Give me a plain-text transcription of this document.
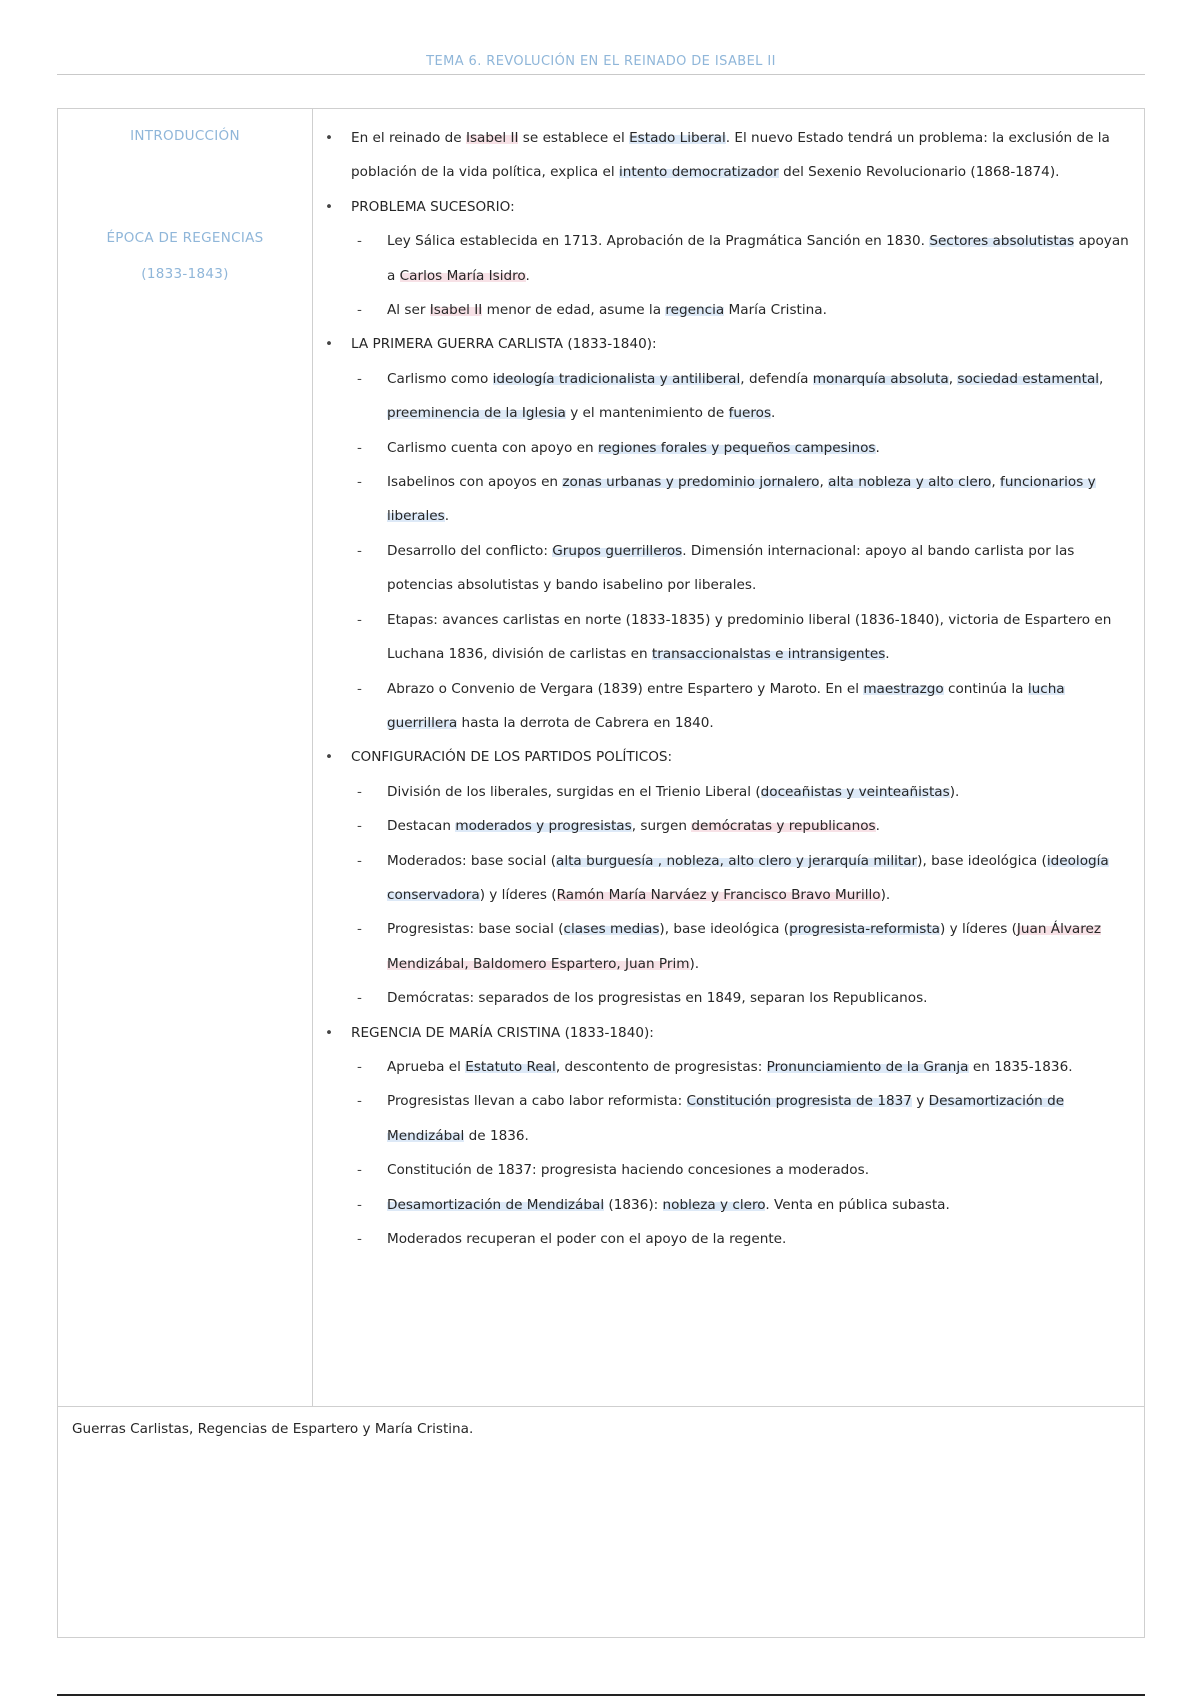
TEMA 6. REVOLUCIÓN EN EL REINADO DE ISABEL II
INTRODUCCIÓN
ÉPOCA DE REGENCIAS
(1833-1843)
• En el reinado de Isabel II se establece el Estado Liberal. El nuevo Estado tendrá un problema: la exclusión de la población de la vida política, explica el intento democratizador del Sexenio Revolucionario (1868-1874).
• PROBLEMA SUCESORIO:
- Ley Sálica establecida en 1713. Aprobación de la Pragmática Sanción en 1830. Sectores absolutistas apoyan a Carlos María Isidro.
- Al ser Isabel II menor de edad, asume la regencia María Cristina.
• LA PRIMERA GUERRA CARLISTA (1833-1840):
- Carlismo como ideología tradicionalista y antiliberal, defendía monarquía absoluta, sociedad estamental, preeminencia de la Iglesia y el mantenimiento de fueros.
- Carlismo cuenta con apoyo en regiones forales y pequeños campesinos.
- Isabelinos con apoyos en zonas urbanas y predominio jornalero, alta nobleza y alto clero, funcionarios y liberales.
- Desarrollo del conflicto: Grupos guerrilleros. Dimensión internacional: apoyo al bando carlista por las potencias absolutistas y bando isabelino por liberales.
- Etapas: avances carlistas en norte (1833-1835) y predominio liberal (1836-1840), victoria de Espartero en Luchana 1836, división de carlistas en transaccionalstas e intransigentes.
- Abrazo o Convenio de Vergara (1839) entre Espartero y Maroto. En el maestrazgo continúa la lucha guerrillera hasta la derrota de Cabrera en 1840.
• CONFIGURACIÓN DE LOS PARTIDOS POLÍTICOS:
- División de los liberales, surgidas en el Trienio Liberal (doceañistas y veinteañistas).
- Destacan moderados y progresistas, surgen demócratas y republicanos.
- Moderados: base social (alta burguesía , nobleza, alto clero y jerarquía militar), base ideológica (ideología conservadora) y líderes (Ramón María Narváez y Francisco Bravo Murillo).
- Progresistas: base social (clases medias), base ideológica (progresista-reformista) y líderes (Juan Álvarez Mendizábal, Baldomero Espartero, Juan Prim).
- Demócratas: separados de los progresistas en 1849, separan los Republicanos.
• REGENCIA DE MARÍA CRISTINA (1833-1840):
- Aprueba el Estatuto Real, descontento de progresistas: Pronunciamiento de la Granja en 1835-1836.
- Progresistas llevan a cabo labor reformista: Constitución progresista de 1837 y Desamortización de Mendizábal de 1836.
- Constitución de 1837: progresista haciendo concesiones a moderados.
- Desamortización de Mendizábal (1836): nobleza y clero. Venta en pública subasta.
- Moderados recuperan el poder con el apoyo de la regente.
Guerras Carlistas, Regencias de Espartero y María Cristina.
